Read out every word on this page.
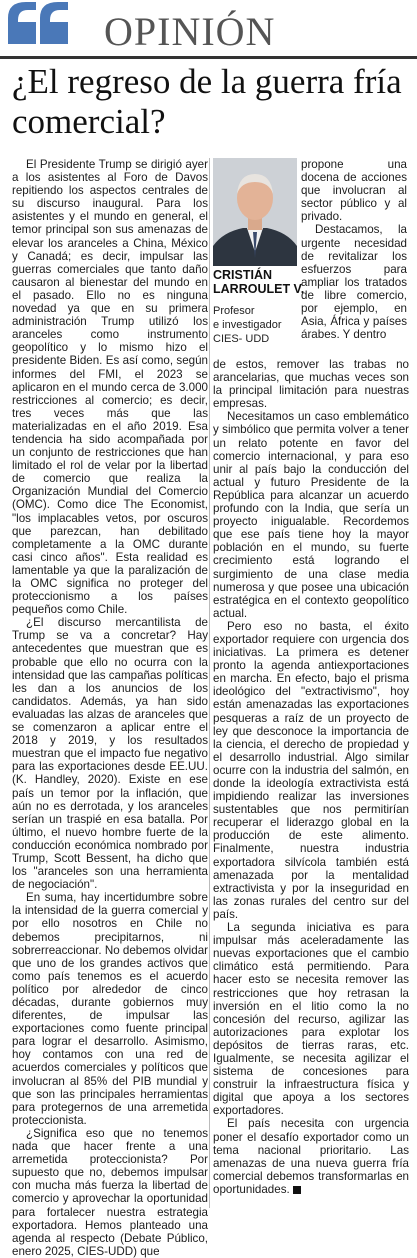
OPINIÓN
¿El regreso de la guerra fría comercial?

El Presidente Trump se dirigió ayer a los asistentes al Foro de Davos repitiendo los aspectos centrales de su discurso inaugural. Para los asistentes y el mundo en general, el temor principal son sus amenazas de elevar los aranceles a China, México y Canadá; es decir, impulsar las guerras comerciales que tanto daño causaron al bienestar del mundo en el pasado. Ello no es ninguna novedad ya que en su primera administración Trump utilizó los aranceles como instrumento geopolítico y lo mismo hizo el presidente Biden. Es así como, según informes del FMI, el 2023 se aplicaron en el mundo cerca de 3.000 restricciones al comercio; es decir, tres veces más que las materializadas en el año 2019. Esa tendencia ha sido acompañada por un conjunto de restricciones que han limitado el rol de velar por la libertad de comercio que realiza la Organización Mundial del Comercio (OMC). Como dice The Economist, "los implacables vetos, por oscuros que parezcan, han debilitado completamente a la OMC durante casi cinco años". Esta realidad es lamentable ya que la paralización de la OMC significa no proteger del proteccionismo a los países pequeños como Chile.

¿El discurso mercantilista de Trump se va a concretar? Hay antecedentes que muestran que es probable que ello no ocurra con la intensidad que las campañas políticas les dan a los anuncios de los candidatos. Además, ya han sido evaluadas las alzas de aranceles que se comenzaron a aplicar entre el 2018 y 2019, y los resultados muestran que el impacto fue negativo para las exportaciones desde EE.UU.(K. Handley, 2020). Existe en ese país un temor por la inflación, que aún no es derrotada, y los aranceles serían un traspié en esa batalla. Por último, el nuevo hombre fuerte de la conducción económica nombrado por Trump, Scott Bessent, ha dicho que los "aranceles son una herramienta de negociación".

En suma, hay incertidumbre sobre la intensidad de la guerra comercial y por ello nosotros en Chile no debemos precipitarnos, ni sobrerreaccionar. No debemos olvidar que uno de los grandes activos que como país tenemos es el acuerdo político por alrededor de cinco décadas, durante gobiernos muy diferentes, de impulsar las exportaciones como fuente principal para lograr el desarrollo. Asimismo, hoy contamos con una red de acuerdos comerciales y políticos que involucran al 85% del PIB mundial y que son las principales herramientas para protegernos de una arremetida proteccionista.

¿Significa eso que no tenemos nada que hacer frente a una arremetida proteccionista? Por supuesto que no, debemos impulsar con mucha más fuerza la libertad de comercio y aprovechar la oportunidad para fortalecer nuestra estrategia exportadora. Hemos planteado una agenda al respecto (Debate Público, enero 2025, CIES-UDD) que

CRISTIÁN
LARROULET V.
Profesor
e investigador
CIES- UDD

propone una docena de acciones que involucran al sector público y al privado.

Destacamos, la urgente necesidad de revitalizar los esfuerzos para ampliar los tratados de libre comercio, por ejemplo, en Asia, África y países árabes. Y dentro

de estos, remover las trabas no arancelarias, que muchas veces son la principal limitación para nuestras empresas.

Necesitamos un caso emblemático y simbólico que permita volver a tener un relato potente en favor del comercio internacional, y para eso unir al país bajo la conducción del actual y futuro Presidente de la República para alcanzar un acuerdo profundo con la India, que sería un proyecto inigualable. Recordemos que ese país tiene hoy la mayor población en el mundo, su fuerte crecimiento está logrando el surgimiento de una clase media numerosa y que posee una ubicación estratégica en el contexto geopolítico actual.

Pero eso no basta, el éxito exportador requiere con urgencia dos iniciativas. La primera es detener pronto la agenda antiexportaciones en marcha. En efecto, bajo el prisma ideológico del "extractivismo", hoy están amenazadas las exportaciones pesqueras a raíz de un proyecto de ley que desconoce la importancia de la ciencia, el derecho de propiedad y el desarrollo industrial. Algo similar ocurre con la industria del salmón, en donde la ideología extractivista está impidiendo realizar las inversiones sustentables que nos permitirían recuperar el liderazgo global en la producción de este alimento. Finalmente, nuestra industria exportadora silvícola también está amenazada por la mentalidad extractivista y por la inseguridad en las zonas rurales del centro sur del país.

La segunda iniciativa es para impulsar más aceleradamente las nuevas exportaciones que el cambio climático está permitiendo. Para hacer esto se necesita remover las restricciones que hoy retrasan la inversión en el litio como la no concesión del recurso, agilizar las autorizaciones para explotar los depósitos de tierras raras, etc. Igualmente, se necesita agilizar el sistema de concesiones para construir la infraestructura física y digital que apoya a los sectores exportadores.

El país necesita con urgencia poner el desafío exportador como un tema nacional prioritario. Las amenazas de una nueva guerra fría comercial debemos transformarlas en oportunidades.
